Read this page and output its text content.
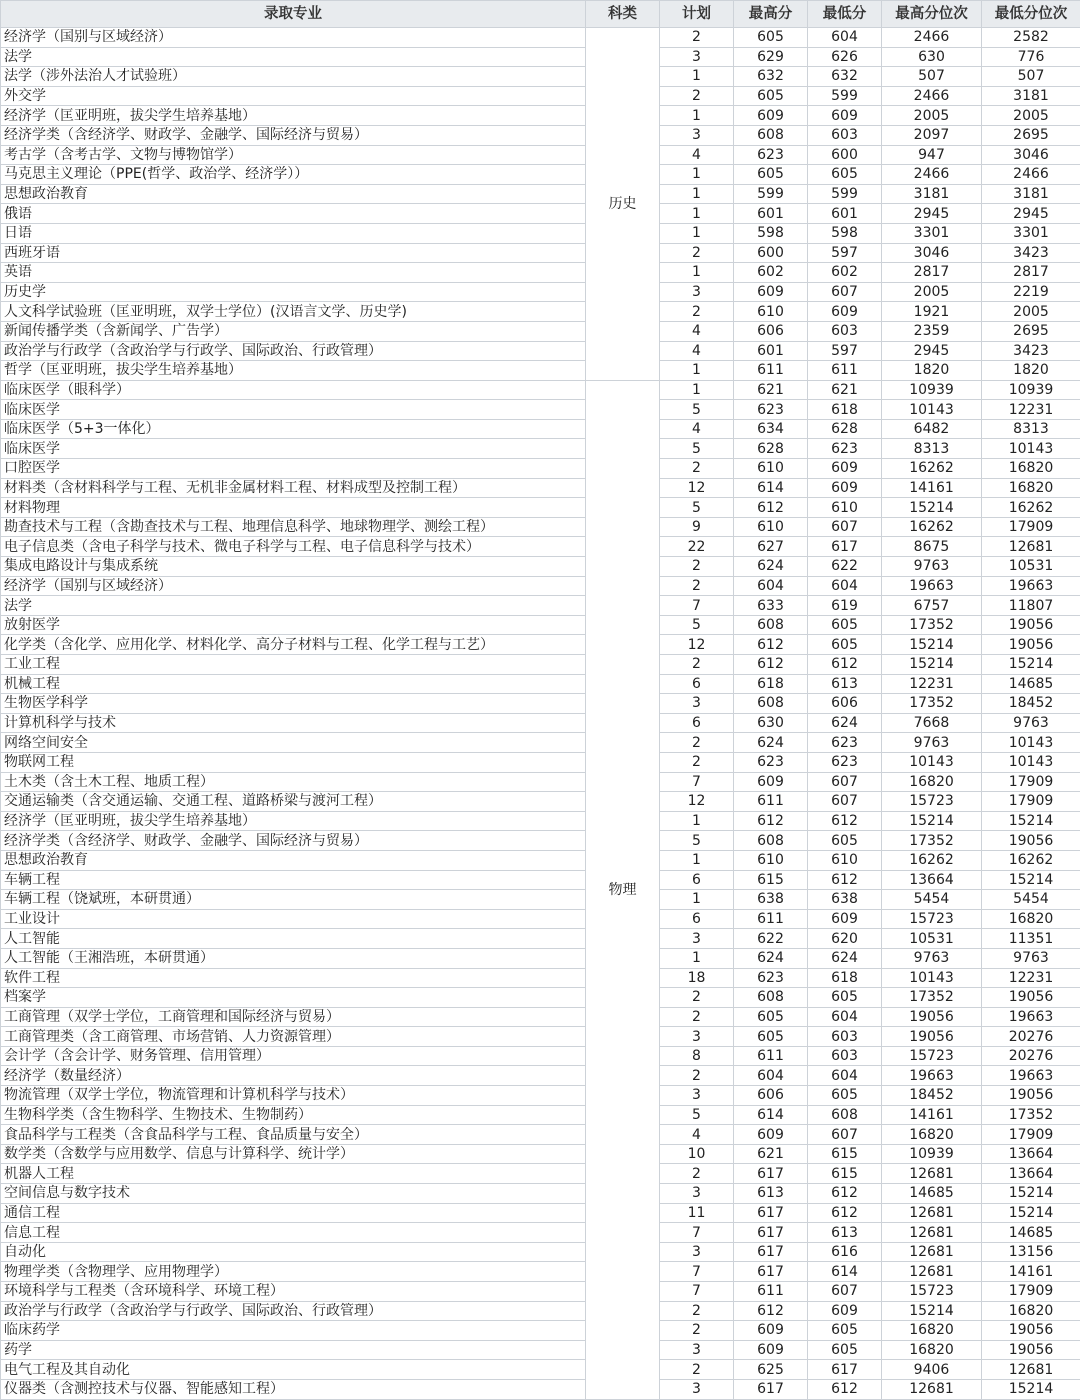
录取专业	科类	计划	最高分	最低分	最高分位次	最低分位次
经济学（国别与区域经济）	历史	2	605	604	2466	2582
法学		3	629	626	630	776
法学（涉外法治人才试验班）		1	632	632	507	507
外交学		2	605	599	2466	3181
经济学（匡亚明班，拔尖学生培养基地）		1	609	609	2005	2005
经济学类（含经济学、财政学、金融学、国际经济与贸易）		3	608	603	2097	2695
考古学（含考古学、文物与博物馆学）		4	623	600	947	3046
马克思主义理论（PPE(哲学、政治学、经济学））		1	605	605	2466	2466
思想政治教育		1	599	599	3181	3181
俄语		1	601	601	2945	2945
日语		1	598	598	3301	3301
西班牙语		2	600	597	3046	3423
英语		1	602	602	2817	2817
历史学		3	609	607	2005	2219
人文科学试验班（匡亚明班，双学士学位）(汉语言文学、历史学)		2	610	609	1921	2005
新闻传播学类（含新闻学、广告学）		4	606	603	2359	2695
政治学与行政学（含政治学与行政学、国际政治、行政管理）		4	601	597	2945	3423
哲学（匡亚明班，拔尖学生培养基地）		1	611	611	1820	1820
临床医学（眼科学）	物理	1	621	621	10939	10939
临床医学		5	623	618	10143	12231
临床医学（5+3一体化）		4	634	628	6482	8313
临床医学		5	628	623	8313	10143
口腔医学		2	610	609	16262	16820
材料类（含材料科学与工程、无机非金属材料工程、材料成型及控制工程）		12	614	609	14161	16820
材料物理		5	612	610	15214	16262
勘查技术与工程（含勘查技术与工程、地理信息科学、地球物理学、测绘工程）		9	610	607	16262	17909
电子信息类（含电子科学与技术、微电子科学与工程、电子信息科学与技术）		22	627	617	8675	12681
集成电路设计与集成系统		2	624	622	9763	10531
经济学（国别与区域经济）		2	604	604	19663	19663
法学		7	633	619	6757	11807
放射医学		5	608	605	17352	19056
化学类（含化学、应用化学、材料化学、高分子材料与工程、化学工程与工艺）		12	612	605	15214	19056
工业工程		2	612	612	15214	15214
机械工程		6	618	613	12231	14685
生物医学科学		3	608	606	17352	18452
计算机科学与技术		6	630	624	7668	9763
网络空间安全		2	624	623	9763	10143
物联网工程		2	623	623	10143	10143
土木类（含土木工程、地质工程）		7	609	607	16820	17909
交通运输类（含交通运输、交通工程、道路桥梁与渡河工程）		12	611	607	15723	17909
经济学（匡亚明班，拔尖学生培养基地）		1	612	612	15214	15214
经济学类（含经济学、财政学、金融学、国际经济与贸易）		5	608	605	17352	19056
思想政治教育		1	610	610	16262	16262
车辆工程		6	615	612	13664	15214
车辆工程（饶斌班，本研贯通）		1	638	638	5454	5454
工业设计		6	611	609	15723	16820
人工智能		3	622	620	10531	11351
人工智能（王湘浩班，本研贯通）		1	624	624	9763	9763
软件工程		18	623	618	10143	12231
档案学		2	608	605	17352	19056
工商管理（双学士学位，工商管理和国际经济与贸易）		2	605	604	19056	19663
工商管理类（含工商管理、市场营销、人力资源管理）		3	605	603	19056	20276
会计学（含会计学、财务管理、信用管理）		8	611	603	15723	20276
经济学（数量经济）		2	604	604	19663	19663
物流管理（双学士学位，物流管理和计算机科学与技术）		3	606	605	18452	19056
生物科学类（含生物科学、生物技术、生物制药）		5	614	608	14161	17352
食品科学与工程类（含食品科学与工程、食品质量与安全）		4	609	607	16820	17909
数学类（含数学与应用数学、信息与计算科学、统计学）		10	621	615	10939	13664
机器人工程		2	617	615	12681	13664
空间信息与数字技术		3	613	612	14685	15214
通信工程		11	617	612	12681	15214
信息工程		7	617	613	12681	14685
自动化		3	617	616	12681	13156
物理学类（含物理学、应用物理学）		7	617	614	12681	14161
环境科学与工程类（含环境科学、环境工程）		7	611	607	15723	17909
政治学与行政学（含政治学与行政学、国际政治、行政管理）		2	612	609	15214	16820
临床药学		2	609	605	16820	19056
药学		3	609	605	16820	19056
电气工程及其自动化		2	625	617	9406	12681
仪器类（含测控技术与仪器、智能感知工程）		3	617	612	12681	15214
